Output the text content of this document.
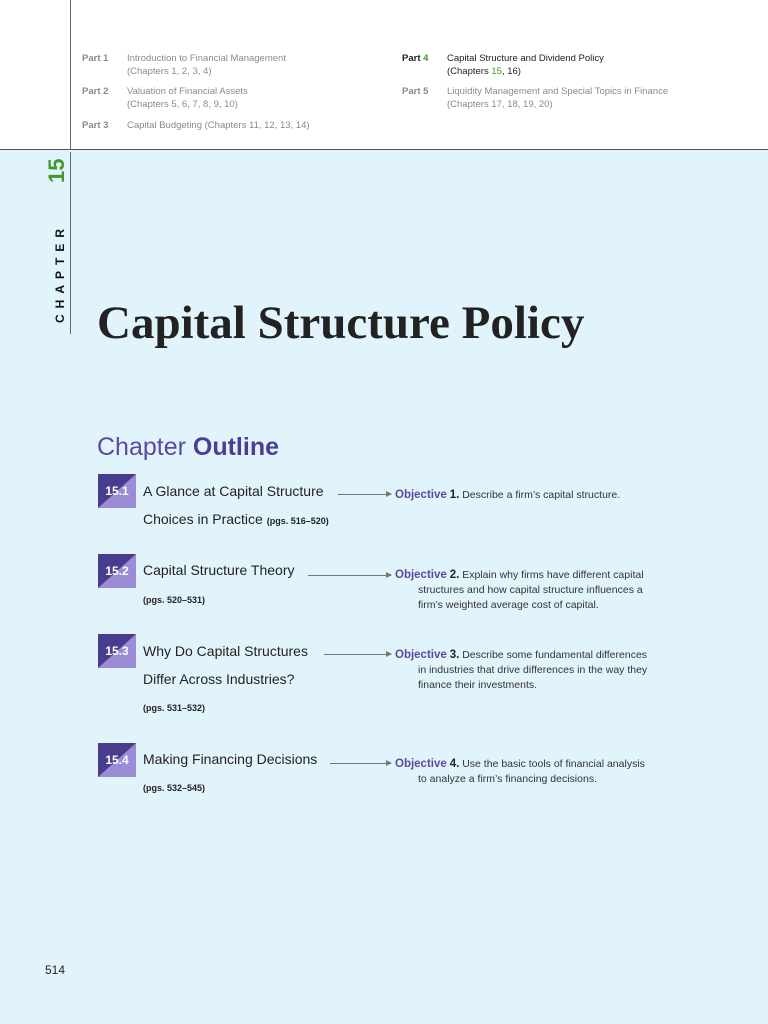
Part 1 Introduction to Financial Management
(Chapters 1, 2, 3, 4)
Part 2 Valuation of Financial Assets
(Chapters 5, 6, 7, 8, 9, 10)
Part 3 Capital Budgeting (Chapters 11, 12, 13, 14)
Part 4 Capital Structure and Dividend Policy
(Chapters 15, 16)
Part 5 Liquidity Management and Special Topics in Finance
(Chapters 17, 18, 19, 20)
15
CHAPTER Capital Structure Policy
Chapter Outline
15.1	A Glance at Capital Structure
Choices in Practice (pgs. 516–520)
Objective 1. Describe a firm’s capital structure.
15.2	Capital Structure Theory
(pgs. 520–531)
Objective 2. Explain why firms have different capital
structures and how capital structure influences a
firm’s weighted average cost of capital.
15.3	Why Do Capital Structures
Differ Across Industries?
(pgs. 531–532)
Objective 3. Describe some fundamental differences
in industries that drive differences in the way they
finance their investments.
15.4	Making Financing Decisions
(pgs. 532–545)
Objective 4. Use the basic tools of financial analysis
to analyze a firm’s financing decisions.
514
